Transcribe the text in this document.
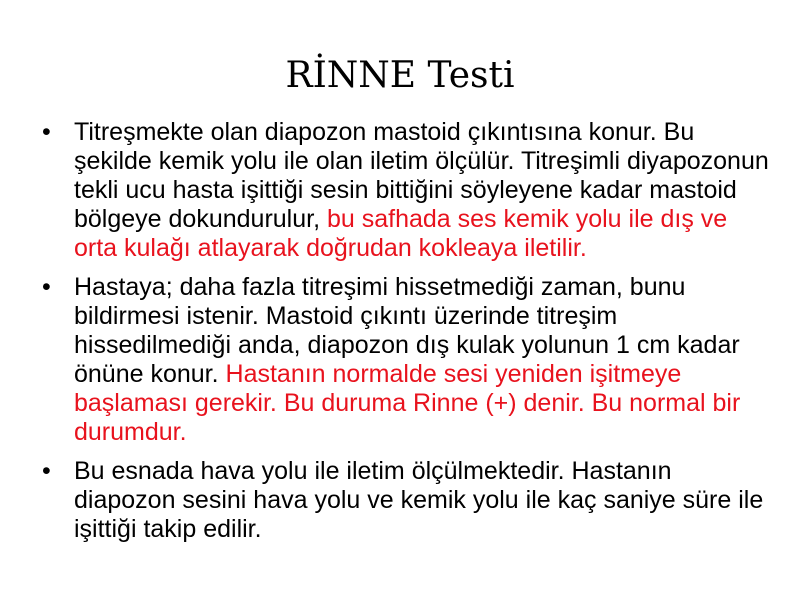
RİNNE Testi
• Titreşmekte olan diapozon mastoid çıkıntısına konur. Bu şekilde kemik yolu ile olan iletim ölçülür. Titreşimli diyapozonun tekli ucu hasta işittiği sesin bittiğini söyleyene kadar mastoid bölgeye dokundurulur, bu safhada ses kemik yolu ile dış ve orta kulağı atlayarak doğrudan kokleaya iletilir.
• Hastaya; daha fazla titreşimi hissetmediği zaman, bunu bildirmesi istenir. Mastoid çıkıntı üzerinde titreşim hissedilmediği anda, diapozon dış kulak yolunun 1 cm kadar önüne konur. Hastanın normalde sesi yeniden işitmeye başlaması gerekir. Bu duruma Rinne (+) denir. Bu normal bir durumdur.
• Bu esnada hava yolu ile iletim ölçülmektedir. Hastanın diapozon sesini hava yolu ve kemik yolu ile kaç saniye süre ile işittiği takip edilir.
